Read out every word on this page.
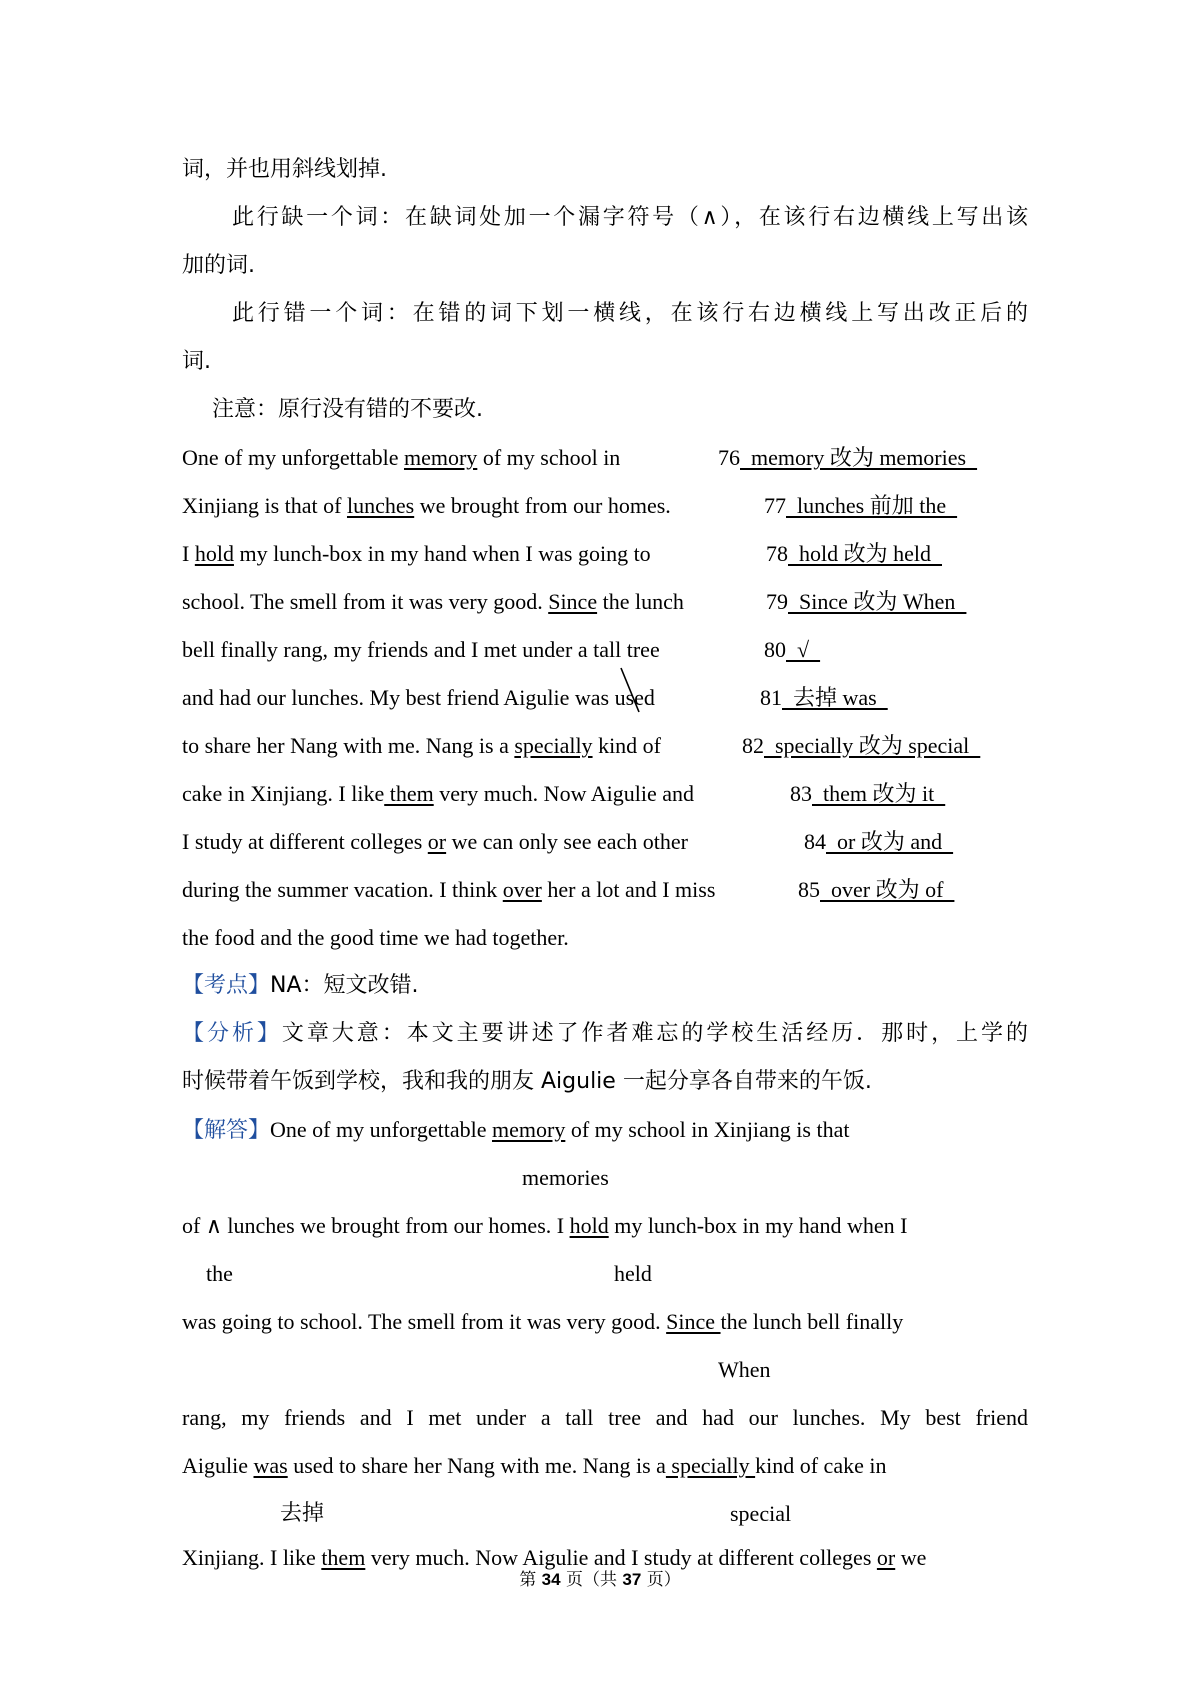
词，并也用斜线划掉.
此行缺一个词：在缺词处加一个漏字符号（∧），在该行右边横线上写出该
加的词.
此行错一个词：在错的词下划一横线，在该行右边横线上写出改正后的
词.
注意：原行没有错的不要改.
One of my unforgettable memory of my school in	76  memory 改为 memories
Xinjiang is that of lunches we brought from our homes.	77  lunches 前加 the
I hold my lunch-box in my hand when I was going to	78  hold 改为 held
school. The smell from it was very good. Since the lunch	79  Since 改为 When
bell finally rang, my friends and I met under a tall tree	80  √
and had our lunches. My best friend Aigulie was used	81  去掉 was
to share her Nang with me. Nang is a specially kind of	82  specially 改为 special
cake in Xinjiang. I like them very much. Now Aigulie and	83  them 改为 it
I study at different colleges or we can only see each other	84  or 改为 and
during the summer vacation. I think over her a lot and I miss	85  over 改为 of
the food and the good time we had together.
【考点】NA：短文改错.
【分析】文章大意：本文主要讲述了作者难忘的学校生活经历．那时，上学的
时候带着午饭到学校，我和我的朋友 Aigulie 一起分享各自带来的午饭.
【解答】One of my unforgettable memory of my school in Xinjiang is that
memories
of ∧ lunches we brought from our homes. I hold my lunch-box in my hand when I
the	held
was going to school. The smell from it was very good. Since the lunch bell finally
When
rang, my friends and I met under a tall tree and had our lunches. My best friend
Aigulie was used to share her Nang with me. Nang is a specially kind of cake in
去掉	special
Xinjiang. I like them very much. Now Aigulie and I study at different colleges or we
第 34 页（共 37 页）
